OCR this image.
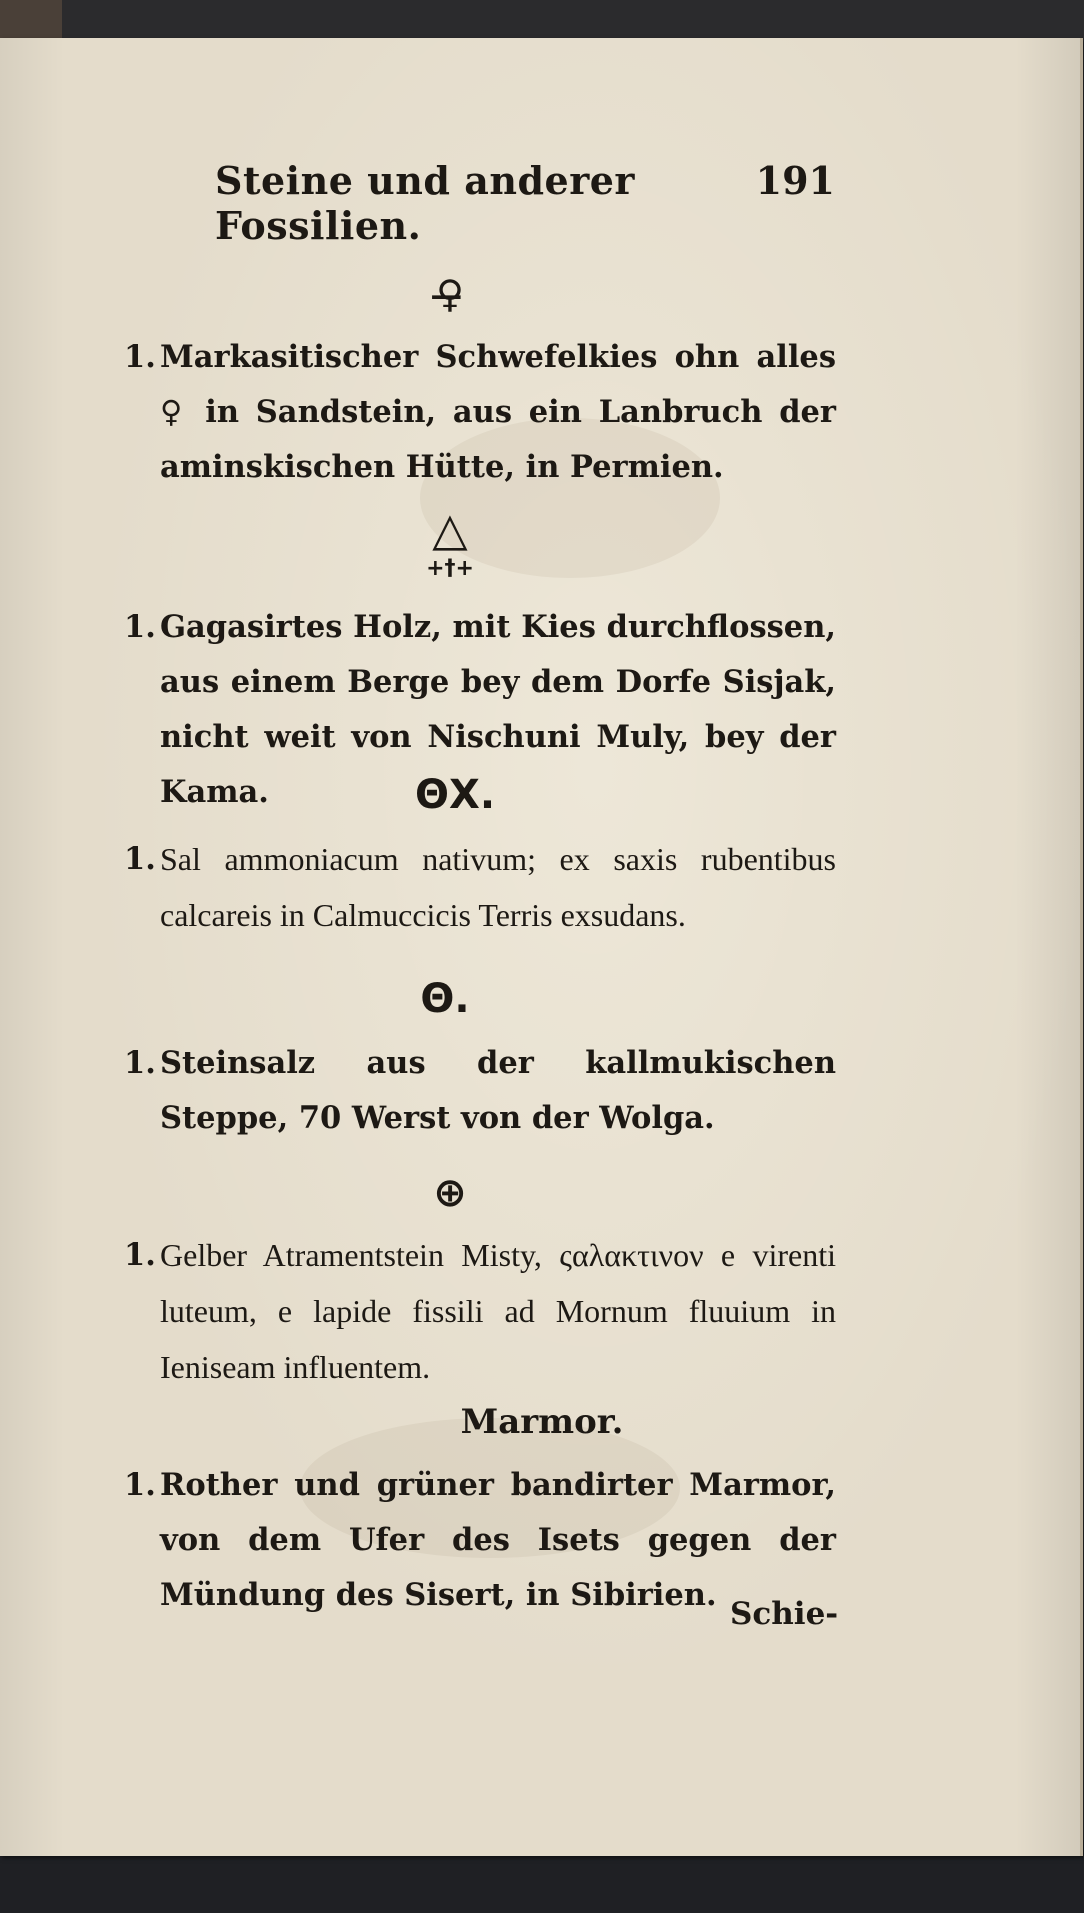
Steine und anderer Fossilien.
191
♀̶
1. Markasitischer Schwefelkies ohn alles ♀ in Sandstein, aus ein Lanbruch der aminskischen Hütte, in Permien.
△
+†+
1. Gagasirtes Holz, mit Kies durchflossen, aus einem Berge bey dem Dorfe Sisjak, nicht weit von Nischuni Muly, bey der Kama.	ΘX.
1. Sal ammoniacum nativum; ex saxis rubentibus calcareis in Calmuccicis Terris exsudans.
Θ.
1. Steinsalz aus der kallmukischen Steppe, 70 Werst von der Wolga.
⊕
1. Gelber Atramentstein Misty, ςαλακτινον e virenti luteum, e lapide fissili ad Mornum fluuium in Ieniseam influentem.
Marmor.
1. Rother und grüner bandirter Marmor, von dem Ufer des Isets gegen der Mündung des Sisert, in Sibirien.
Schie-
